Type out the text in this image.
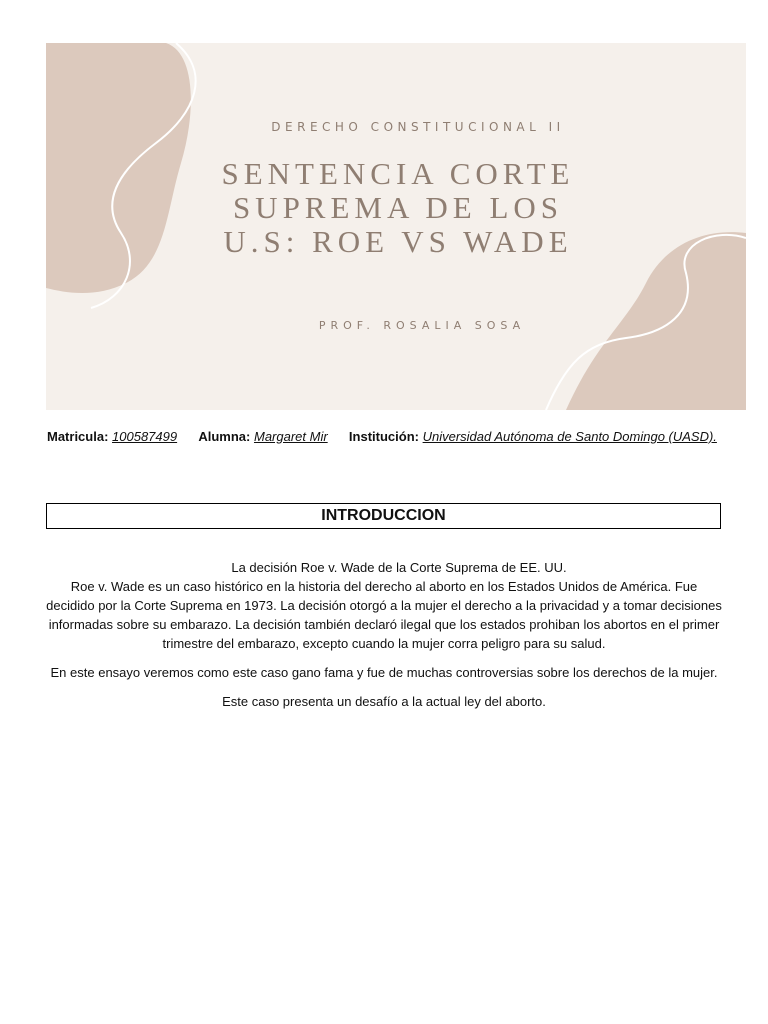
DERECHO CONSTITUCIONAL II
SENTENCIA CORTE SUPREMA DE LOS U.S: ROE VS WADE
PROF. ROSALIA SOSA
Matricula: 100587499 Alumna: Margaret Mir Institución: Universidad Autónoma de Santo Domingo (UASD).
INTRODUCCION
La decisión Roe v. Wade de la Corte Suprema de EE. UU.

Roe v. Wade es un caso histórico en la historia del derecho al aborto en los Estados Unidos de América. Fue decidido por la Corte Suprema en 1973. La decisión otorgó a la mujer el derecho a la privacidad y a tomar decisiones informadas sobre su embarazo. La decisión también declaró ilegal que los estados prohiban los abortos en el primer trimestre del embarazo, excepto cuando la mujer corra peligro para su salud.

En este ensayo veremos como este caso gano fama y fue de muchas controversias sobre los derechos de la mujer.

Este caso presenta un desafío a la actual ley del aborto.
